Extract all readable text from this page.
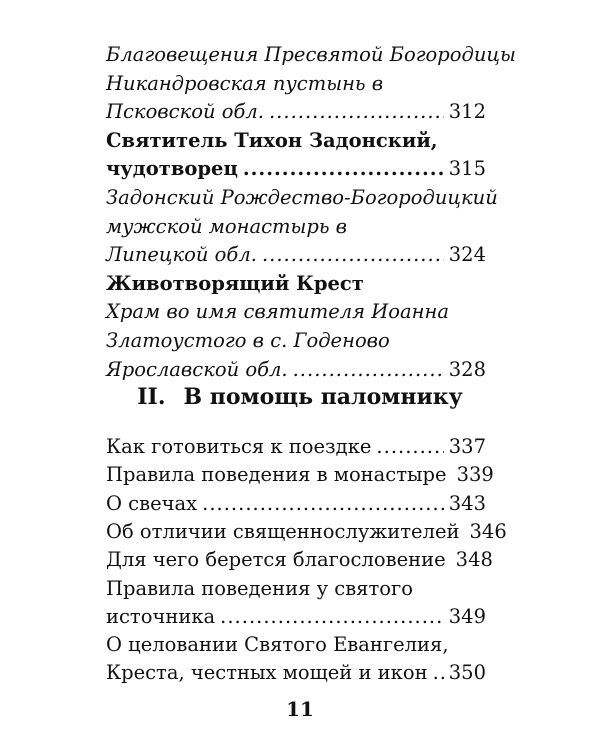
Благовещения Пресвятой Богородицы
Никандровская пустынь в
Псковской обл. .....	312
Святитель Тихон Задонский,
чудотворец .....	315
Задонский Рождество-Богородицкий
мужской монастырь в
Липецкой обл. .....	324
Животворящий Крест
Храм во имя святителя Иоанна
Златоустого в с. Годеново
Ярославской обл. .....	328
II. В помощь паломнику
Как готовиться к поездке .....	337
Правила поведения в монастыре 339
О свечах .....	343
Об отличии священнослужителей 346
Для чего берется благословение 348
Правила поведения у святого
источника .....	349
О целовании Святого Евангелия,
Креста, честных мощей и икон ..... 350
11
